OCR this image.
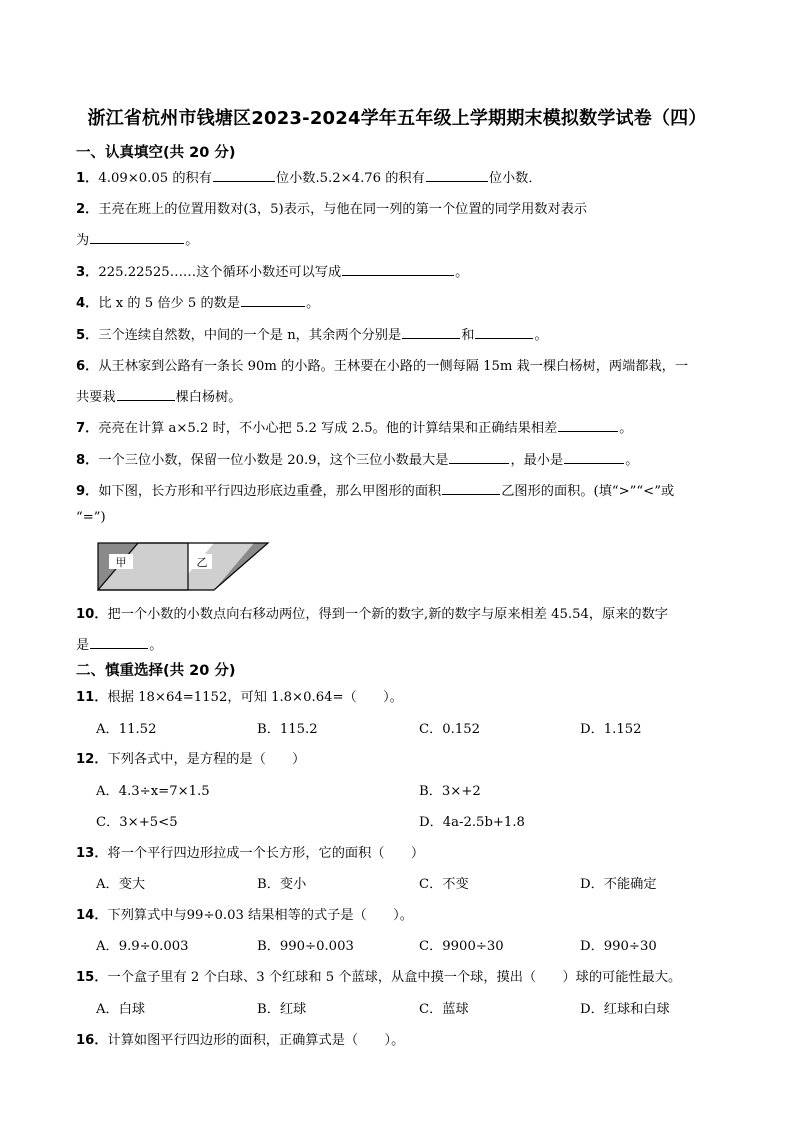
浙江省杭州市钱塘区2023-2024学年五年级上学期期末模拟数学试卷（四）
一、认真填空(共 20 分)
1．4.09×0.05 的积有	位小数.5.2×4.76 的积有	位小数．
2．王亮在班上的位置用数对(3，5)表示，与他在同一列的第一个位置的同学用数对表示
为	。
3．225.22525……这个循环小数还可以写成	。
4．比 x 的 5 倍少 5 的数是	。
5．三个连续自然数，中间的一个是 n，其余两个分别是	和	。
6．从王林家到公路有一条长 90m 的小路。王林要在小路的一侧每隔 15m 栽一棵白杨树，两端都栽，一
共要栽	棵白杨树。
7．亮亮在计算 a×5.2 时，不小心把 5.2 写成 2.5。他的计算结果和正确结果相差	。
8．一个三位小数，保留一位小数是 20.9，这个三位小数最大是	，最小是	。
9．如下图，长方形和平行四边形底边重叠，那么甲图形的面积	乙图形的面积。(填“>”“<”或
“=”)
甲	乙
10．把一个小数的小数点向右移动两位，得到一个新的数字,新的数字与原来相差 45.54，原来的数字
是	。
二、慎重选择(共 20 分)
11．根据 18×64=1152，可知 1.8×0.64=（　　）。
A．11.52	B．115.2	C．0.152	D．1.152
12．下列各式中，是方程的是（　　）
A．4.3÷x=7×1.5	B．3×+2
C．3×+5<5	D．4a-2.5b+1.8
13．将一个平行四边形拉成一个长方形，它的面积（　　）
A．变大	B．变小	C．不变	D．不能确定
14．下列算式中与99÷0.03 结果相等的式子是（　　）。
A．9.9÷0.003	B．990÷0.003	C．9900÷30	D．990÷30
15．一个盒子里有 2 个白球、3 个红球和 5 个蓝球，从盒中摸一个球，摸出（　　）球的可能性最大。
A．白球	B．红球	C．蓝球	D．红球和白球
16．计算如图平行四边形的面积，正确算式是（　　）。
